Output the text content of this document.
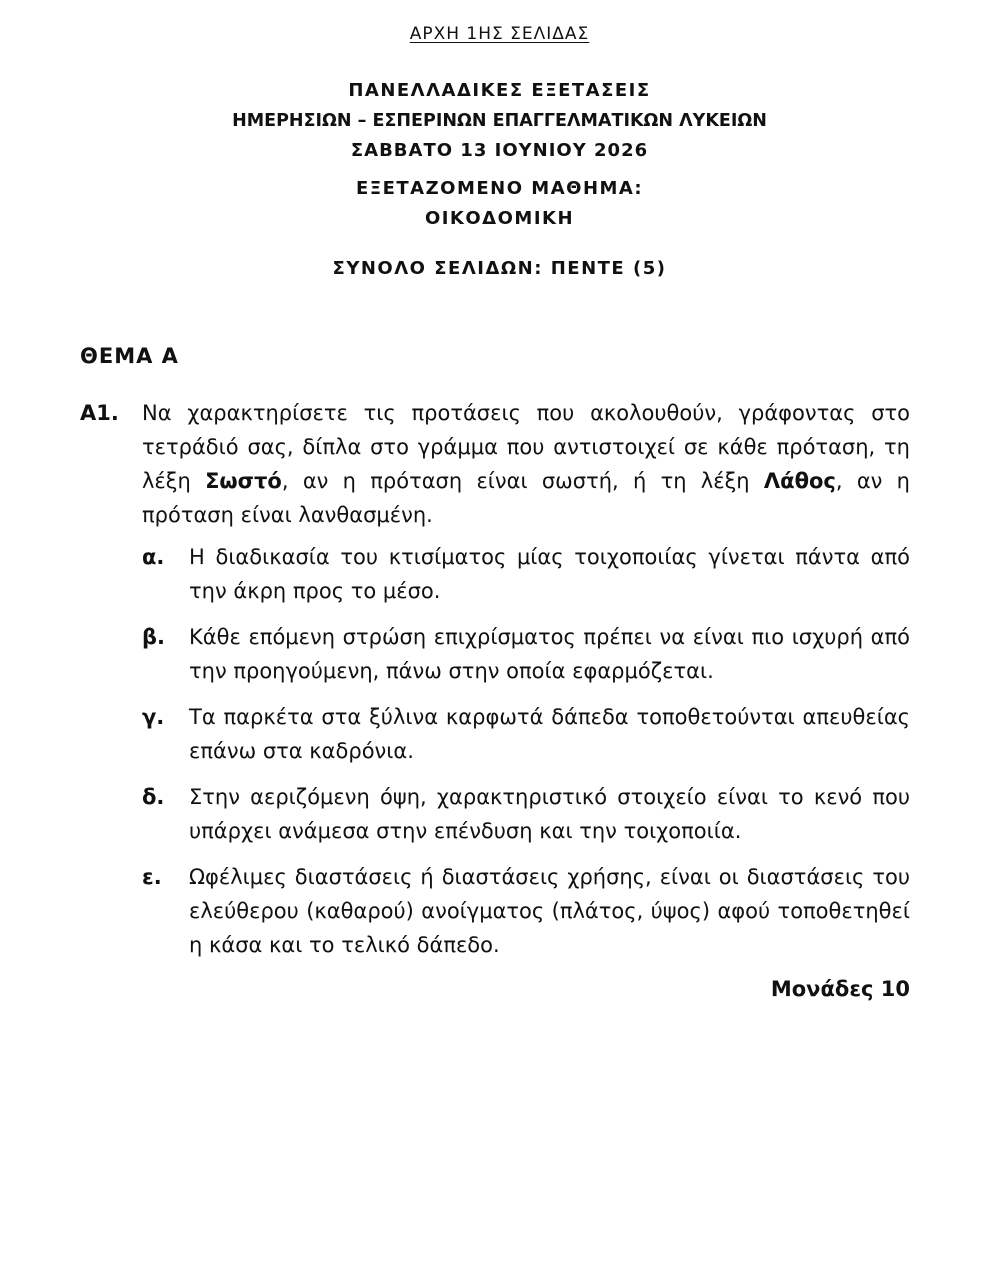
ΑΡΧΗ 1ΗΣ ΣΕΛΙΔΑΣ
ΠΑΝΕΛΛΑΔΙΚΕΣ ΕΞΕΤΑΣΕΙΣ
ΗΜΕΡΗΣΙΩΝ – ΕΣΠΕΡΙΝΩΝ ΕΠΑΓΓΕΛΜΑΤΙΚΩΝ ΛΥΚΕΙΩΝ
ΣΑΒΒΑΤΟ 13 ΙΟΥΝΙΟΥ 2026
ΕΞΕΤΑΖΟΜΕΝΟ ΜΑΘΗΜΑ:
ΟΙΚΟΔΟΜΙΚΗ
ΣΥΝΟΛΟ ΣΕΛΙΔΩΝ: ΠΕΝΤΕ (5)
ΘΕΜΑ Α
Α1. Να χαρακτηρίσετε τις προτάσεις που ακολουθούν, γράφοντας στο τετράδιό σας, δίπλα στο γράμμα που αντιστοιχεί σε κάθε πρόταση, τη λέξη Σωστό, αν η πρόταση είναι σωστή, ή τη λέξη Λάθος, αν η πρόταση είναι λανθασμένη.
α. Η διαδικασία του κτισίματος μίας τοιχοποιίας γίνεται πάντα από την άκρη προς το μέσο.
β. Κάθε επόμενη στρώση επιχρίσματος πρέπει να είναι πιο ισχυρή από την προηγούμενη, πάνω στην οποία εφαρμόζεται.
γ. Τα παρκέτα στα ξύλινα καρφωτά δάπεδα τοποθετούνται απευθείας επάνω στα καδρόνια.
δ. Στην αεριζόμενη όψη, χαρακτηριστικό στοιχείο είναι το κενό που υπάρχει ανάμεσα στην επένδυση και την τοιχοποιία.
ε. Ωφέλιμες διαστάσεις ή διαστάσεις χρήσης, είναι οι διαστάσεις του ελεύθερου (καθαρού) ανοίγματος (πλάτος, ύψος) αφού τοποθετηθεί η κάσα και το τελικό δάπεδο.
Μονάδες 10
